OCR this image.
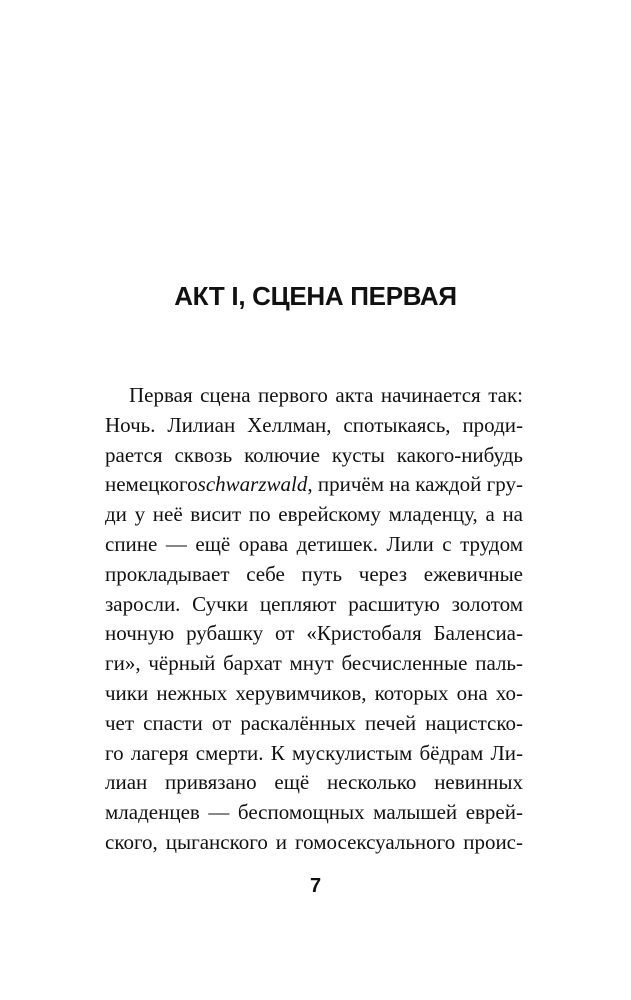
АКТ I, СЦЕНА ПЕРВАЯ
Первая сцена первого акта начинается так:
Ночь. Лилиан Хеллман, спотыкаясь, проди-
рается сквозь колючие кусты какого-нибудь
немецкогоschwarzwald, причём на каждой гру-
ди у неё висит по еврейскому младенцу, а на
спине — ещё орава детишек. Лили с трудом
прокладывает себе путь через ежевичные
заросли. Сучки цепляют расшитую золотом
ночную рубашку от «Кристобаля Баленсиа-
ги», чёрный бархат мнут бесчисленные паль-
чики нежных херувимчиков, которых она хо-
чет спасти от раскалённых печей нацистско-
го лагеря смерти. К мускулистым бёдрам Ли-
лиан привязано ещё несколько невинных
младенцев — беспомощных малышей еврей-
ского, цыганского и гомосексуального проис-
7
